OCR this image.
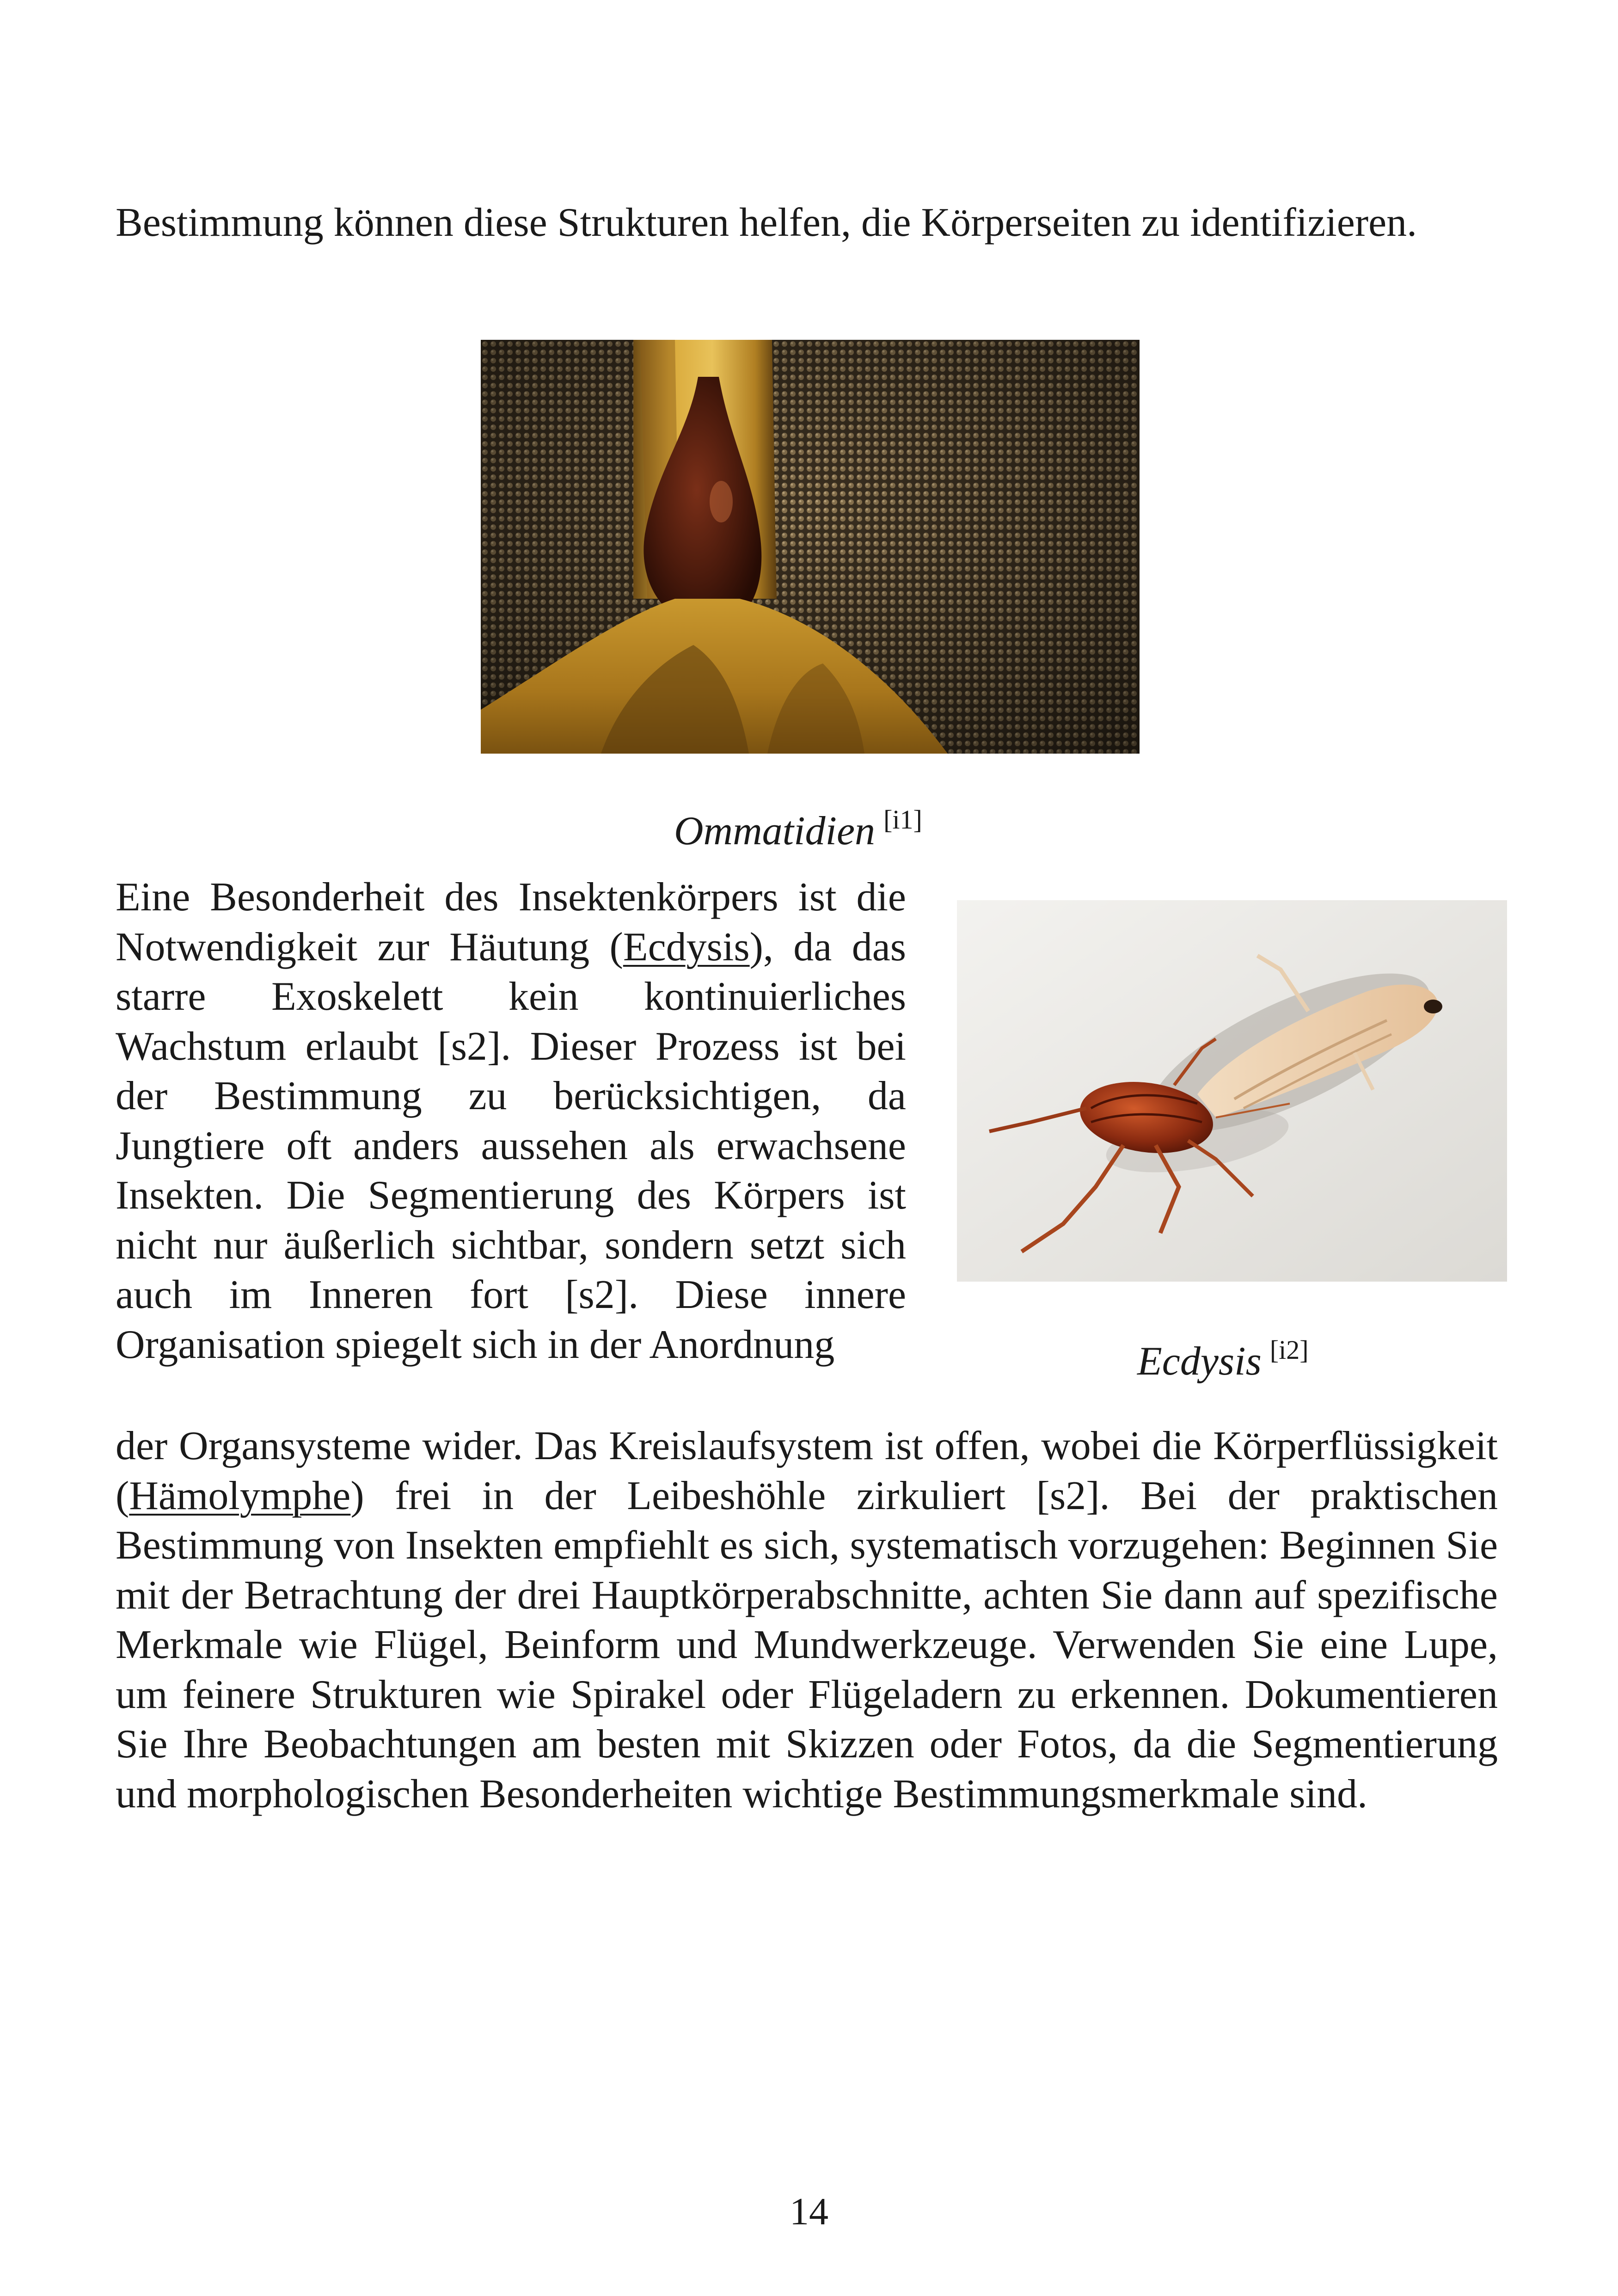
Bestimmung können diese Strukturen helfen, die Körperseiten zu identifizieren.

Ommatidien [i1]

Eine Besonderheit des Insektenkörpers ist die Notwendigkeit zur Häutung (Ecdysis), da das starre Exoskelett kein kontinuierliches Wachstum erlaubt [s2]. Dieser Prozess ist bei der Bestimmung zu berücksichtigen, da Jungtiere oft anders aussehen als erwachsene Insekten. Die Segmentierung des Körpers ist nicht nur äußerlich sichtbar, sondern setzt sich auch im Inneren fort [s2]. Diese innere Organisation spiegelt sich in der Anordnung	Ecdysis [i2]

der Organsysteme wider. Das Kreislaufsystem ist offen, wobei die Körperflüssigkeit (Hämolymphe) frei in der Leibeshöhle zirkuliert [s2]. Bei der praktischen Bestimmung von Insekten empfiehlt es sich, systematisch vorzugehen: Beginnen Sie mit der Betrachtung der drei Hauptkörperabschnitte, achten Sie dann auf spezifische Merkmale wie Flügel, Beinform und Mundwerkzeuge. Verwenden Sie eine Lupe, um feinere Strukturen wie Spirakel oder Flügeladern zu erkennen. Dokumentieren Sie Ihre Beobachtungen am besten mit Skizzen oder Fotos, da die Segmentierung und morphologischen Besonderheiten wichtige Bestimmungsmerkmale sind.

14
